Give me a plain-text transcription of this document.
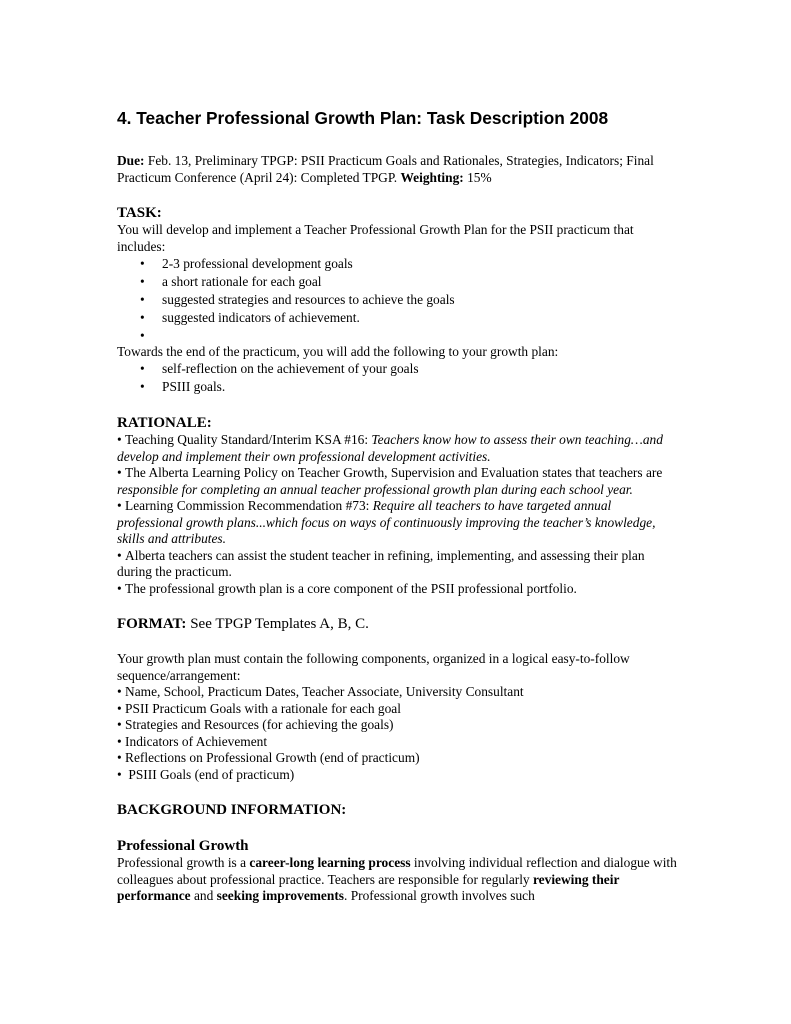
4. Teacher Professional Growth Plan: Task Description 2008

Due: Feb. 13, Preliminary TPGP: PSII Practicum Goals and Rationales, Strategies, Indicators; Final Practicum Conference (April 24): Completed TPGP. Weighting: 15%

TASK:

You will develop and implement a Teacher Professional Growth Plan for the PSII practicum that includes:

• 2-3 professional development goals
• a short rationale for each goal
• suggested strategies and resources to achieve the goals
• suggested indicators of achievement.
•

Towards the end of the practicum, you will add the following to your growth plan:

• self-reflection on the achievement of your goals
• PSIII goals.

RATIONALE:

• Teaching Quality Standard/Interim KSA #16: Teachers know how to assess their own teaching…and develop and implement their own professional development activities.

• The Alberta Learning Policy on Teacher Growth, Supervision and Evaluation states that teachers are responsible for completing an annual teacher professional growth plan during each school year.

• Learning Commission Recommendation #73: Require all teachers to have targeted annual professional growth plans...which focus on ways of continuously improving the teacher’s knowledge, skills and attributes.

• Alberta teachers can assist the student teacher in refining, implementing, and assessing their plan during the practicum.

• The professional growth plan is a core component of the PSII professional portfolio.

FORMAT: See TPGP Templates A, B, C.

Your growth plan must contain the following components, organized in a logical easy-to-follow sequence/arrangement:

• Name, School, Practicum Dates, Teacher Associate, University Consultant

• PSII Practicum Goals with a rationale for each goal

• Strategies and Resources (for achieving the goals)

• Indicators of Achievement

• Reflections on Professional Growth (end of practicum)

•  PSIII Goals (end of practicum)

BACKGROUND INFORMATION:

Professional Growth

Professional growth is a career-long learning process involving individual reflection and dialogue with colleagues about professional practice. Teachers are responsible for regularly reviewing their performance and seeking improvements. Professional growth involves such
